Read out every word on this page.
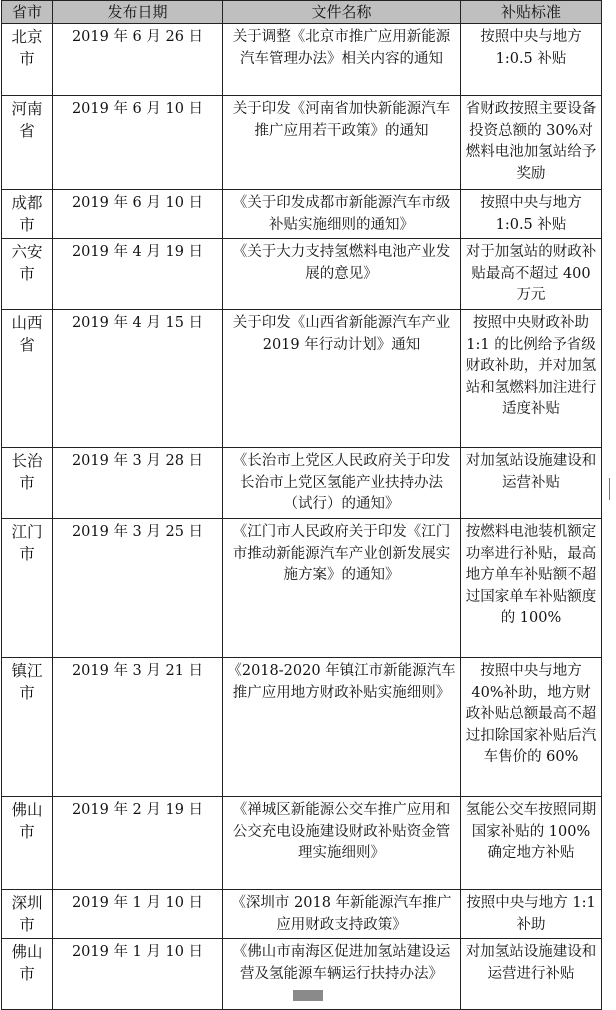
省市	发布日期	文件名称	补贴标准
北京市	2019 年 6 月 26 日	关于调整《北京市推广应用新能源汽车管理办法》相关内容的通知	按照中央与地方 1:0.5 补贴
河南省	2019 年 6 月 10 日	关于印发《河南省加快新能源汽车推广应用若干政策》的通知	省财政按照主要设备投资总额的 30%对燃料电池加氢站给予奖励
成都市	2019 年 6 月 10 日	《关于印发成都市新能源汽车市级补贴实施细则的通知》	按照中央与地方 1:0.5 补贴
六安市	2019 年 4 月 19 日	《关于大力支持氢燃料电池产业发展的意见》	对于加氢站的财政补贴最高不超过 400 万元
山西省	2019 年 4 月 15 日	关于印发《山西省新能源汽车产业 2019 年行动计划》通知	按照中央财政补助 1:1 的比例给予省级财政补助，并对加氢站和氢燃料加注进行适度补贴
长治市	2019 年 3 月 28 日	《长治市上党区人民政府关于印发长治市上党区氢能产业扶持办法（试行）的通知》	对加氢站设施建设和运营补贴
江门市	2019 年 3 月 25 日	《江门市人民政府关于印发《江门市推动新能源汽车产业创新发展实施方案》的通知》	按燃料电池装机额定功率进行补贴，最高地方单车补贴额不超过国家单车补贴额度的 100%
镇江市	2019 年 3 月 21 日	《2018-2020 年镇江市新能源汽车推广应用地方财政补贴实施细则》	按照中央与地方 40%补助，地方财政补贴总额最高不超过扣除国家补贴后汽车售价的 60%
佛山市	2019 年 2 月 19 日	《禅城区新能源公交车推广应用和公交充电设施建设财政补贴资金管理实施细则》	氢能公交车按照同期国家补贴的 100%确定地方补贴
深圳市	2019 年 1 月 10 日	《深圳市 2018 年新能源汽车推广应用财政支持政策》	按照中央与地方 1:1 补助
佛山市	2019 年 1 月 10 日	《佛山市南海区促进加氢站建设运营及氢能源车辆运行扶持办法》	对加氢站设施建设和运营进行补贴
